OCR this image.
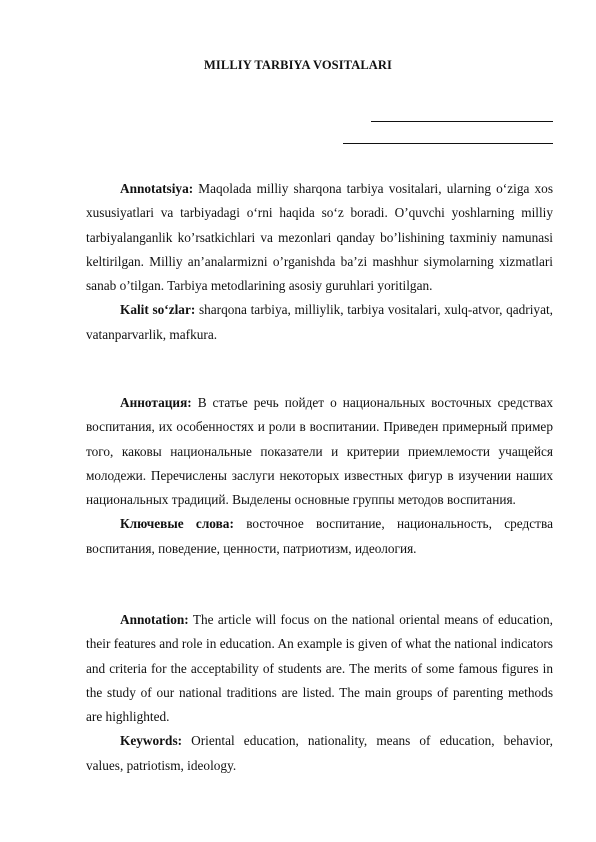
MILLIY TARBIYA VOSITALARI

Annotatsiya: Maqolada milliy sharqona tarbiya vositalari, ularning o‘ziga xos xususiyatlari va tarbiyadagi o‘rni haqida so‘z boradi. O’quvchi yoshlarning milliy tarbiyalanganlik ko’rsatkichlari va mezonlari qanday bo’lishining taxminiy namunasi keltirilgan. Milliy an’analarmizni o’rganishda ba’zi mashhur siymolarning xizmatlari sanab o’tilgan. Tarbiya metodlarining asosiy guruhlari yoritilgan.

Kalit so‘zlar: sharqona tarbiya, milliylik, tarbiya vositalari, xulq-atvor, qadriyat, vatanparvarlik, mafkura.

Аннотация: В статье речь пойдет о национальных восточных средствах воспитания, их особенностях и роли в воспитании. Приведен примерный пример того, каковы национальные показатели и критерии приемлемости учащейся молодежи. Перечислены заслуги некоторых известных фигур в изучении наших национальных традиций. Выделены основные группы методов воспитания.

Ключевые слова: восточное воспитание, национальность, средства воспитания, поведение, ценности, патриотизм, идеология.

Annotation: The article will focus on the national oriental means of education, their features and role in education. An example is given of what the national indicators and criteria for the acceptability of students are. The merits of some famous figures in the study of our national traditions are listed. The main groups of parenting methods are highlighted.

Keywords: Oriental education, nationality, means of education, behavior, values, patriotism, ideology.
